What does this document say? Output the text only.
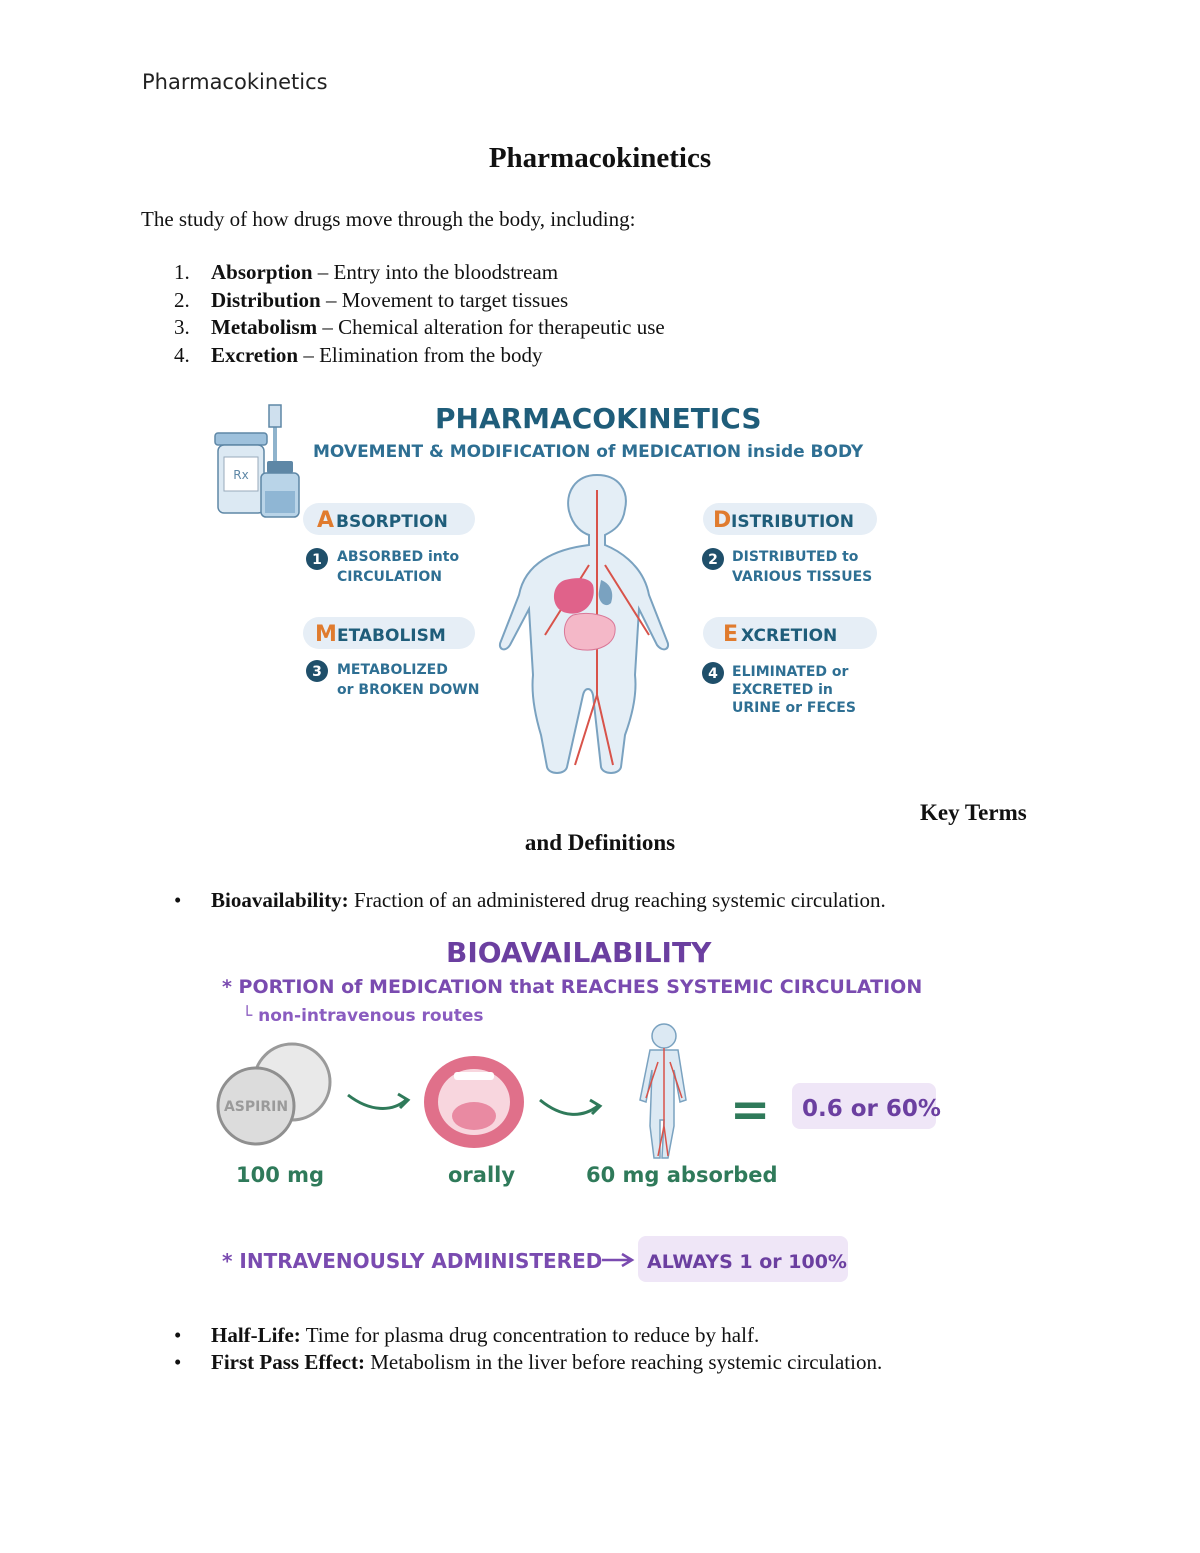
Pharmacokinetics
Pharmacokinetics
The study of how drugs move through the body, including:
1. Absorption – Entry into the bloodstream
2. Distribution – Movement to target tissues
3. Metabolism – Chemical alteration for therapeutic use
4. Excretion – Elimination from the body
Rx
PHARMACOKINETICS
MOVEMENT & MODIFICATION of MEDICATION inside BODY
A BSORPTION
1 ABSORBED into
CIRCULATION
D ISTRIBUTION
2 DISTRIBUTED to
VARIOUS TISSUES
M ETABOLISM
3 METABOLIZED
or BROKEN DOWN
E XCRETION
4 ELIMINATED or
EXCRETED in
URINE or FECES
Key Terms
and Definitions
• Bioavailability: Fraction of an administered drug reaching systemic circulation.
BIOAVAILABILITY
* PORTION of MEDICATION that REACHES SYSTEMIC CIRCULATION
└ non-intravenous routes
ASPIRIN
100 mg	orally	60 mg absorbed
= 0.6 or 60%
* INTRAVENOUSLY ADMINISTERED ALWAYS 1 or 100%
• Half-Life: Time for plasma drug concentration to reduce by half.
• First Pass Effect: Metabolism in the liver before reaching systemic circulation.
